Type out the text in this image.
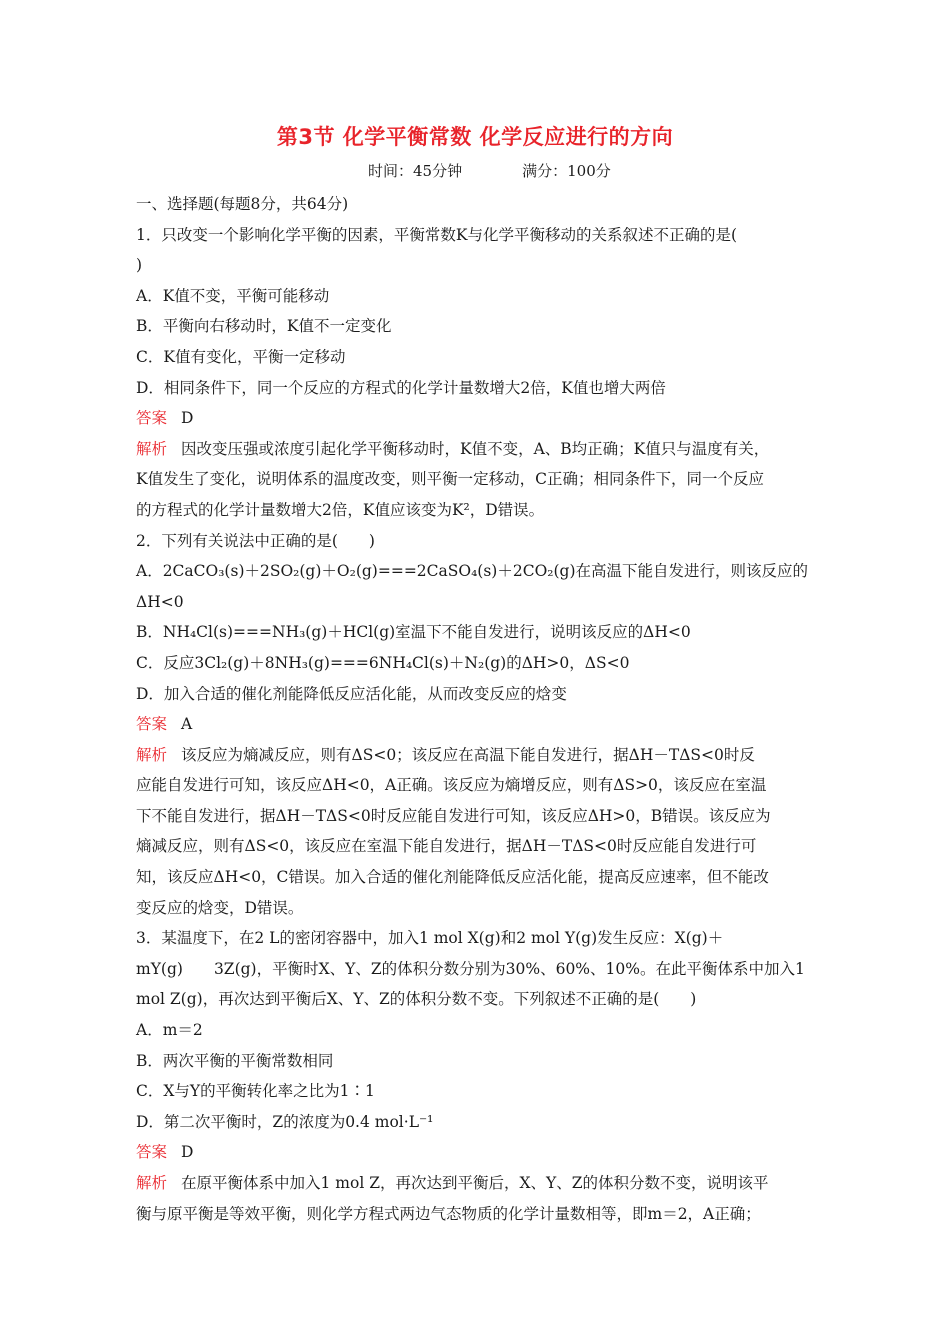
第3节 化学平衡常数 化学反应进行的方向
时间：45分钟　　　　	满分：100分
一、选择题(每题8分，共64分)
1．只改变一个影响化学平衡的因素，平衡常数K与化学平衡移动的关系叙述不正确的是(
)
A．K值不变，平衡可能移动
B．平衡向右移动时，K值不一定变化
C．K值有变化，平衡一定移动
D．相同条件下，同一个反应的方程式的化学计量数增大2倍，K值也增大两倍
答案 D
解析 因改变压强或浓度引起化学平衡移动时，K值不变，A、B均正确；K值只与温度有关，
K值发生了变化，说明体系的温度改变，则平衡一定移动，C正确；相同条件下，同一个反应
的方程式的化学计量数增大2倍，K值应该变为K²，D错误。
2．下列有关说法中正确的是(　　)
A．2CaCO₃(s)＋2SO₂(g)＋O₂(g)===2CaSO₄(s)＋2CO₂(g)在高温下能自发进行，则该反应的
ΔH<0
B．NH₄Cl(s)===NH₃(g)＋HCl(g)室温下不能自发进行，说明该反应的ΔH<0
C．反应3Cl₂(g)＋8NH₃(g)===6NH₄Cl(s)＋N₂(g)的ΔH>0，ΔS<0
D．加入合适的催化剂能降低反应活化能，从而改变反应的焓变
答案 A
解析 该反应为熵减反应，则有ΔS<0；该反应在高温下能自发进行，据ΔH－TΔS<0时反
应能自发进行可知，该反应ΔH<0，A正确。该反应为熵增反应，则有ΔS>0，该反应在室温
下不能自发进行，据ΔH－TΔS<0时反应能自发进行可知，该反应ΔH>0，B错误。该反应为
熵减反应，则有ΔS<0，该反应在室温下能自发进行，据ΔH－TΔS<0时反应能自发进行可
知，该反应ΔH<0，C错误。加入合适的催化剂能降低反应活化能，提高反应速率，但不能改
变反应的焓变，D错误。
3．某温度下，在2 L的密闭容器中，加入1 mol X(g)和2 mol Y(g)发生反应：X(g)＋
mY(g)　　3Z(g)，平衡时X、Y、Z的体积分数分别为30%、60%、10%。在此平衡体系中加入1
mol Z(g)，再次达到平衡后X、Y、Z的体积分数不变。下列叙述不正确的是(　　)
A．m＝2
B．两次平衡的平衡常数相同
C．X与Y的平衡转化率之比为1∶1
D．第二次平衡时，Z的浓度为0.4 mol·L⁻¹
答案 D
解析 在原平衡体系中加入1 mol Z，再次达到平衡后，X、Y、Z的体积分数不变，说明该平
衡与原平衡是等效平衡，则化学方程式两边气态物质的化学计量数相等，即m＝2，A正确；
